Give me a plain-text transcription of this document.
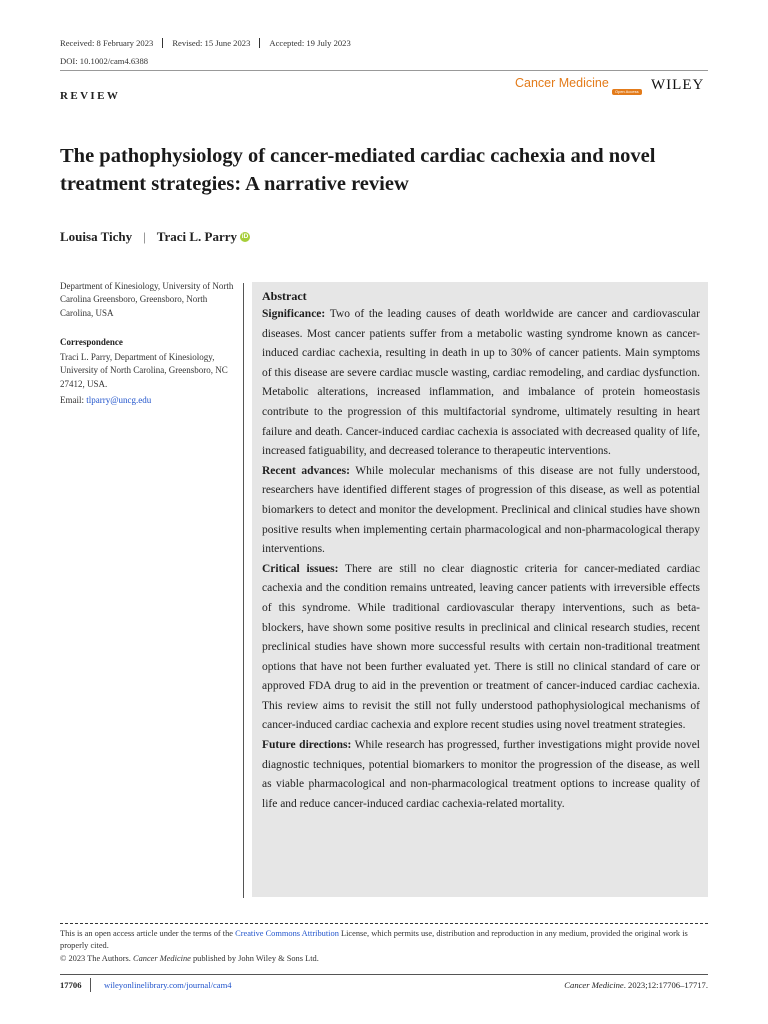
Received: 8 February 2023	Revised: 15 June 2023	Accepted: 19 July 2023
DOI: 10.1002/cam4.6388
REVIEW
Cancer Medicine
Open Access WILEY
The pathophysiology of cancer-mediated cardiac cachexia and novel treatment strategies: A narrative review
Louisa Tichy | Traci L. Parry iD
Department of Kinesiology, University of North Carolina Greensboro, Greensboro, North Carolina, USA
Correspondence
Traci L. Parry, Department of Kinesiology, University of North Carolina, Greensboro, NC 27412, USA.
Email: tlparry@uncg.edu
Abstract
Significance: Two of the leading causes of death worldwide are cancer and cardiovascular diseases. Most cancer patients suffer from a metabolic wasting syndrome known as cancer-induced cardiac cachexia, resulting in death in up to 30% of cancer patients. Main symptoms of this disease are severe cardiac muscle wasting, cardiac remodeling, and cardiac dysfunction. Metabolic alterations, increased inflammation, and imbalance of protein homeostasis contribute to the progression of this multifactorial syndrome, ultimately resulting in heart failure and death. Cancer-induced cardiac cachexia is associated with decreased quality of life, increased fatiguability, and decreased tolerance to therapeutic interventions.
Recent advances: While molecular mechanisms of this disease are not fully understood, researchers have identified different stages of progression of this disease, as well as potential biomarkers to detect and monitor the development. Preclinical and clinical studies have shown positive results when implementing certain pharmacological and non-pharmacological therapy interventions.
Critical issues: There are still no clear diagnostic criteria for cancer-mediated cardiac cachexia and the condition remains untreated, leaving cancer patients with irreversible effects of this syndrome. While traditional cardiovascular therapy interventions, such as beta-blockers, have shown some positive results in preclinical and clinical research studies, recent preclinical studies have shown more successful results with certain non-traditional treatment options that have not been further evaluated yet. There is still no clinical standard of care or approved FDA drug to aid in the prevention or treatment of cancer-induced cardiac cachexia. This review aims to revisit the still not fully understood pathophysiological mechanisms of cancer-induced cardiac cachexia and explore recent studies using novel treatment strategies.
Future directions: While research has progressed, further investigations might provide novel diagnostic techniques, potential biomarkers to monitor the progression of the disease, as well as viable pharmacological and non-pharmacological treatment options to increase quality of life and reduce cancer-induced cardiac cachexia-related mortality.
This is an open access article under the terms of the Creative Commons Attribution License, which permits use, distribution and reproduction in any medium, provided the original work is properly cited.
© 2023 The Authors. Cancer Medicine published by John Wiley & Sons Ltd.
17706	wileyonlinelibrary.com/journal/cam4	Cancer Medicine. 2023;12:17706–17717.
